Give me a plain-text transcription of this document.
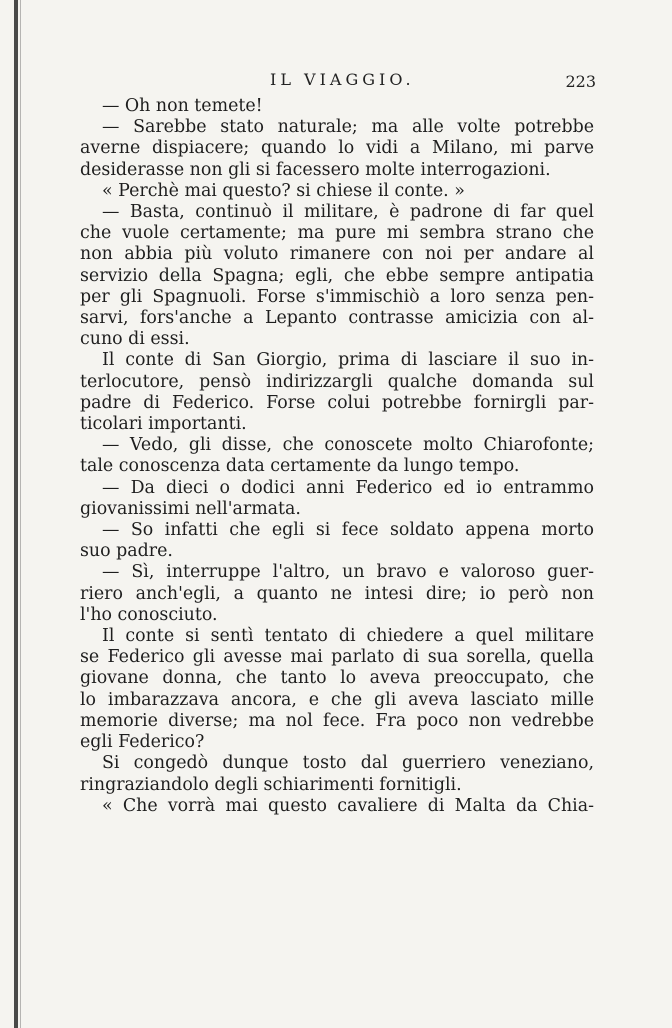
IL VIAGGIO.	223
— Oh non temete!
— Sarebbe stato naturale; ma alle volte potrebbe
averne dispiacere; quando lo vidi a Milano, mi parve
desiderasse non gli si facessero molte interrogazioni.
« Perchè mai questo? si chiese il conte. »
— Basta, continuò il militare, è padrone di far quel
che vuole certamente; ma pure mi sembra strano che
non abbia più voluto rimanere con noi per andare al
servizio della Spagna; egli, che ebbe sempre antipatia
per gli Spagnuoli. Forse s'immischiò a loro senza pen-
sarvi, fors'anche a Lepanto contrasse amicizia con al-
cuno di essi.
Il conte di San Giorgio, prima di lasciare il suo in-
terlocutore, pensò indirizzargli qualche domanda sul
padre di Federico. Forse colui potrebbe fornirgli par-
ticolari importanti.
— Vedo, gli disse, che conoscete molto Chiarofonte;
tale conoscenza data certamente da lungo tempo.
— Da dieci o dodici anni Federico ed io entrammo
giovanissimi nell'armata.
— So infatti che egli si fece soldato appena morto
suo padre.
— Sì, interruppe l'altro, un bravo e valoroso guer-
riero anch'egli, a quanto ne intesi dire; io però non
l'ho conosciuto.
Il conte si sentì tentato di chiedere a quel militare
se Federico gli avesse mai parlato di sua sorella, quella
giovane donna, che tanto lo aveva preoccupato, che
lo imbarazzava ancora, e che gli aveva lasciato mille
memorie diverse; ma nol fece. Fra poco non vedrebbe
egli Federico?
Si congedò dunque tosto dal guerriero veneziano,
ringraziandolo degli schiarimenti fornitigli.
« Che vorrà mai questo cavaliere di Malta da Chia-
